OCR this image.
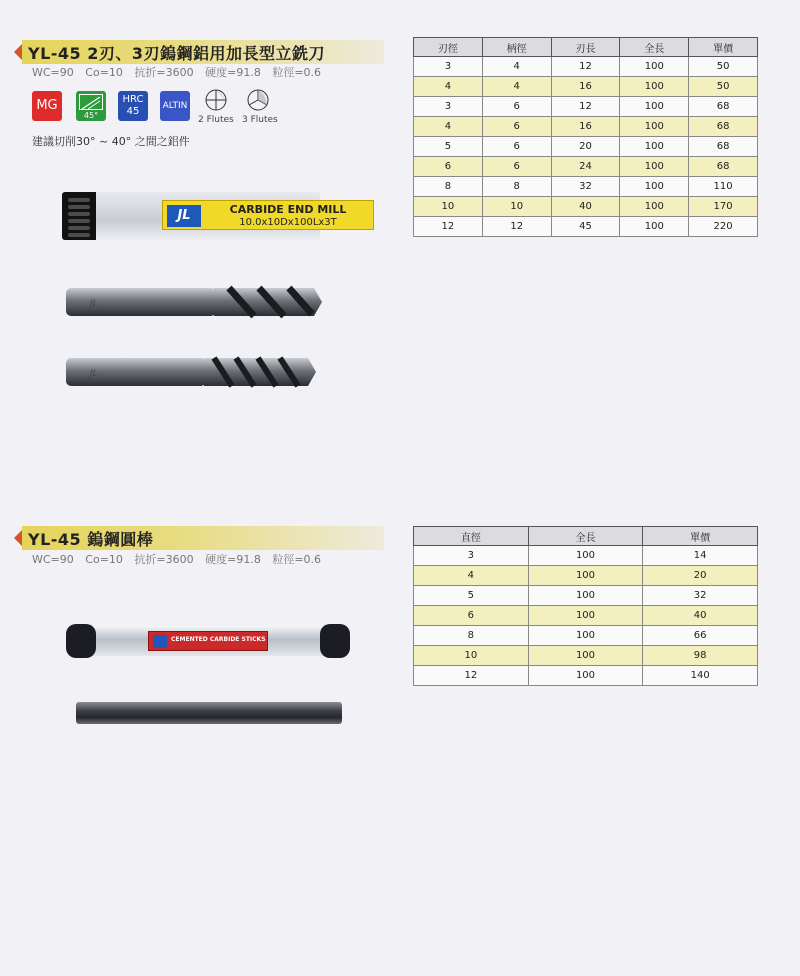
YL-45 2刃、3刃鎢鋼鋁用加長型立銑刀
WC=90 Co=10 抗折=3600 硬度=91.8 粒徑=0.6
MG
45°
HRC
45	ALTIN
2 Flutes 3 Flutes
建議切削30° ~ 40° 之間之鋁件
JL	CARBIDE END MILL
10.0x10Dx100Lx3T
JL
JL
刃徑	柄徑	刃長	全長	單價
3	4	12	100	50
4	4	16	100	50
3	6	12	100	68
4	6	16	100	68
5	6	20	100	68
6	6	24	100	68
8	8	32	100	110
10	10	40	100	170
12	12	45	100	220
YL-45 鎢鋼圓棒
WC=90 Co=10 抗折=3600 硬度=91.8 粒徑=0.6
CEMENTED CARBIDE STICKS
直徑	全長	單價
3	100	14
4	100	20
5	100	32
6	100	40
8	100	66
10	100	98
12	100	140
